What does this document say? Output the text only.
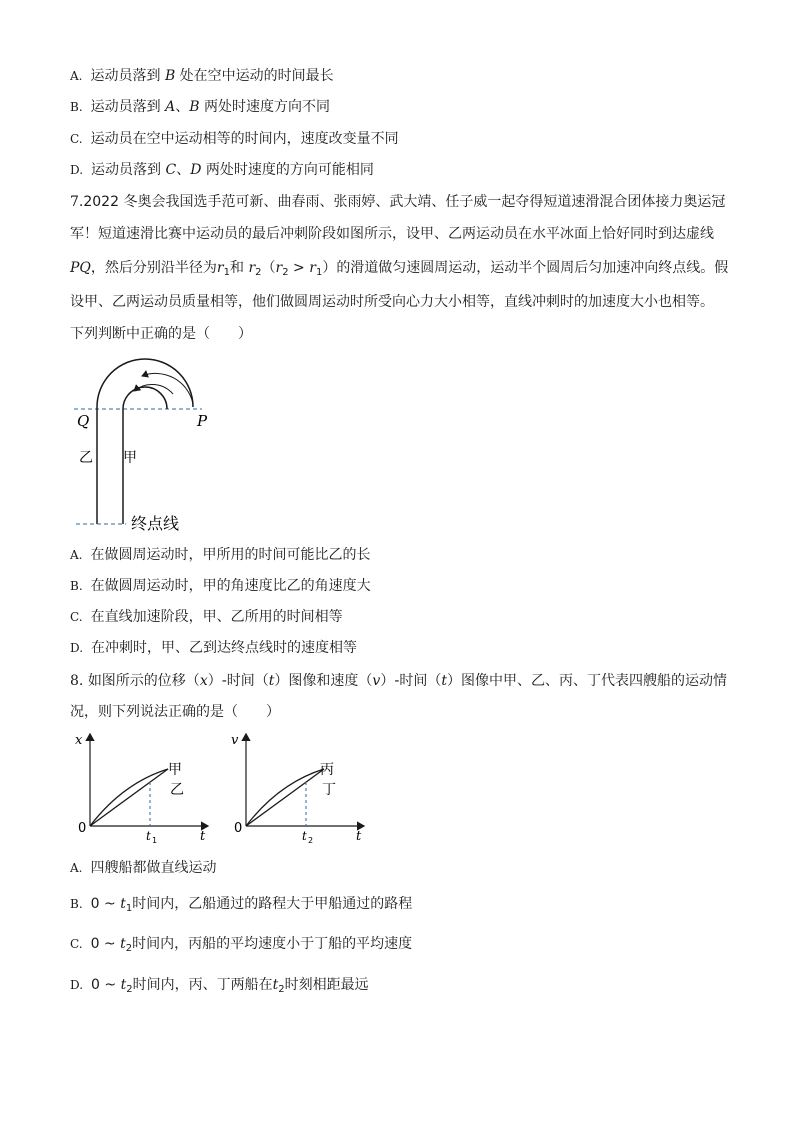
A. 运动员落到 B 处在空中运动的时间最长
B. 运动员落到 A、B 两处时速度方向不同
C. 运动员在空中运动相等的时间内，速度改变量不同
D. 运动员落到 C、D 两处时速度的方向可能相同
7.2022 冬奥会我国选手范可新、曲春雨、张雨婷、武大靖、任子威一起夺得短道速滑混合团体接力奥运冠
军！短道速滑比赛中运动员的最后冲刺阶段如图所示，设甲、乙两运动员在水平冰面上恰好同时到达虚线
PQ，然后分别沿半径为$r_1$和 $r_2(r_2 > r_1)$的滑道做匀速圆周运动，运动半个圆周后匀加速冲向终点线。假
设甲、乙两运动员质量相等，他们做圆周运动时所受向心力大小相等，直线冲刺时的加速度大小也相等。
下列判断中正确的是（　　）
Q	P
乙 甲
终点线
A. 在做圆周运动时，甲所用的时间可能比乙的长
B. 在做圆周运动时，甲的角速度比乙的角速度大
C. 在直线加速阶段，甲、乙所用的时间相等
D. 在冲刺时，甲、乙到达终点线时的速度相等
8. 如图所示的位移（x）-时间（t）图像和速度（v）-时间（t）图像中甲、乙、丙、丁代表四艘船的运动情
况，则下列说法正确的是（　　）
x
t
0	t 1
甲
乙
v
t
0	t 2
丙
丁
A. 四艘船都做直线运动
B. 0 ~ $t_1$时间内，乙船通过的路程大于甲船通过的路程
C. 0 ~ $t_2$时间内，丙船的平均速度小于丁船的平均速度
D. 0 ~ $t_2$时间内，丙、丁两船在$t_2$时刻相距最远
